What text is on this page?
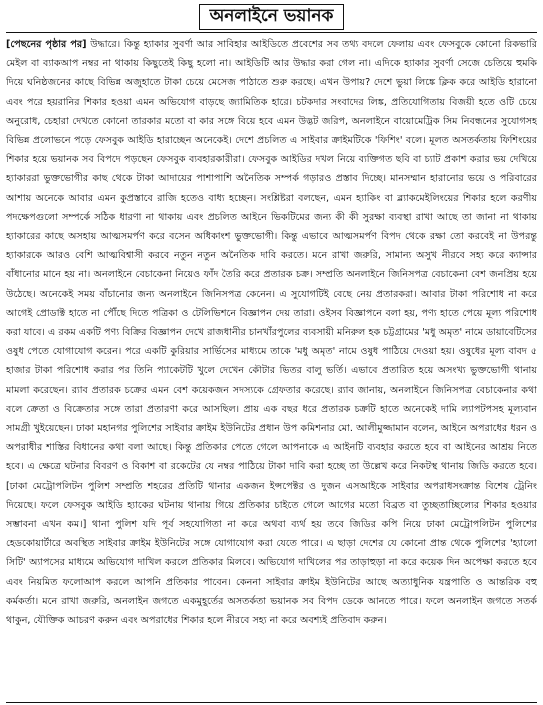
অনলাইনে ভয়ানক
[পেছনের পৃষ্ঠার পর] উদ্ধারে। কিন্তু হ্যাকার সুবর্ণা আর সাবিহার আইডিতে প্রবেশের সব তথ্য বদলে ফেলায় এবং ফেসবুকে কোনো রিকভারি মেইল বা ব্যাকআপ নম্বর না থাকায় কিছুতেই কিছু হলো না। আইডিটি আর উদ্ধার করা গেল না। এদিকে হ্যাকার সুবর্ণা সেজে চেতিয়ে হুমকি দিয়ে ঘনিষ্ঠজনের কাছে বিভিন্ন অজুহাতে টাকা চেয়ে মেসেজ পাঠাতে শুরু করছে। এখন উপায়? দেশে ভুয়া লিঙ্কে ক্লিক করে আইডি হারানো এবং পরে হয়রানির শিকার হওয়া এমন অভিযোগ বাড়ছে জ্যামিতিক হারে। চটকদার সংবাদের লিঙ্ক, প্রতিযোগিতায় বিজয়ী হতে ওটি চেয়ে অনুরোধ, চেহারা দেখতে কোনো তারকার মতো বা কার সঙ্গে বিয়ে হবে এমন উদ্ভট জরিপ, অনলাইনে বায়োমেট্রিক সিম নিবন্ধনের সুযোগসহ বিভিন্ন প্রলোভনে পড়ে ফেসবুক আইডি হারাচ্ছেন অনেকেই। দেশে প্রচলিত এ সাইবার ক্রাইমটিকে 'ফিশিং' বলে। মূলত অসতর্কতায় ফিশিংয়ের শিকার হয়ে ভয়ানক সব বিপদে পড়ছেন ফেসবুক ব্যবহারকারীরা। ফেসবুক আইডির দখল নিয়ে ব্যক্তিগত ছবি বা চ্যাট প্রকাশ করার ভয় দেখিয়ে হ্যাকাররা ভুক্তভোগীর কাছ থেকে টাকা আদায়ের পাশাপাশি অনৈতিক সম্পর্ক গড়ারও প্রস্তাব দিচ্ছে। মানসম্মান হারানোর ভয়ে ও পরিবারের আশায় অনেকে আবার এমন কুপ্রস্তাবে রাজি হতেও বাধ্য হচ্ছেন। সংশ্লিষ্টরা বলছেন, এমন হ্যাকিং বা ব্ল্যাকমেইলিংয়ের শিকার হলে করণীয় পদক্ষেপগুলো সম্পর্কে সঠিক ধারণা না থাকায় এবং প্রচলিত আইনে ভিকটিমের জন্য কী কী সুরক্ষা ব্যবস্থা রাখা আছে তা জানা না থাকায় হ্যাকারের কাছে অসহায় আত্মসমর্পণ করে বসেন অধিকাংশ ভুক্তভোগী। কিন্তু এভাবে আত্মসমর্পণ বিপদ থেকে রক্ষা তো করবেই না উপরন্তু হ্যাকারকে আরও বেশি আত্মবিশ্বাসী করবে নতুন নতুন অনৈতিক দাবি করতে। মনে রাখা জরুরি, সামান্য অসুখ নীরবে সহ্য করে ক্যান্সার বাঁধানোর মানে হয় না। অনলাইনে বেচাকেনা নিয়েও ফাঁদ তৈরি করে প্রতারক চক্র। সম্প্রতি অনলাইনে জিনিসপত্র বেচাকেনা বেশ জনপ্রিয় হয়ে উঠেছে। অনেকেই সময় বাঁচানোর জন্য অনলাইনে জিনিসপত্র কেনেন। এ সুযোগটিই বেছে নেয় প্রতারকরা। আবার টাকা পরিশোধ না করে আগেই প্রোডাক্ট হাতে না পৌঁছে দিতে পত্রিকা ও টেলিভিশনে বিজ্ঞাপন দেয় তারা। ওইসব বিজ্ঞাপনে বলা হয়, পণ্য হাতে পেয়ে মূল্য পরিশোধ করা যাবে। এ রকম একটি পণ্য বিক্রির বিজ্ঞাপন দেখে রাজধানীর চানখাঁরপুলের ব্যবসায়ী মনিরুল হক চট্টগ্রামের 'মধু অমৃত' নামে ডায়াবেটিসের ওষুধ পেতে যোগাযোগ করেন। পরে একটি কুরিয়ার সার্ভিসের মাধ্যমে তাকে 'মধু অমৃত' নামে ওষুধ পাঠিয়ে দেওয়া হয়। ওষুধের মূল্য বাবদ ৫ হাজার টাকা পরিশোধ করার পর তিনি প্যাকেটটি খুলে দেখেন কৌটার ভিতর বালু ভর্তি। এভাবে প্রতারিত হয়ে অসংখ্য ভুক্তভোগী থানায় মামলা করেছেন। র‌্যাব প্রতারক চক্রের এমন বেশ কয়েকজন সদস্যকে গ্রেফতার করেছে। র‌্যাব জানায়, অনলাইনে জিনিসপত্র বেচাকেনার কথা বলে ক্রেতা ও বিক্রেতার সঙ্গে তারা প্রতারণা করে আসছিল। প্রায় এক বছর ধরে প্রতারক চক্রটি হাতে অনেকেই দামি ল্যাপটপসহ মূল্যবান সামগ্রী খুইয়েছেন। ঢাকা মহানগর পুলিশের সাইবার ক্রাইম ইউনিটের প্রধান উপ কমিশনার মো. আলীমুজ্জামান বলেন, আইনে অপরাধের ধরন ও অপরাধীর শাস্তির বিধানের কথা বলা আছে। কিন্তু প্রতিকার পেতে গেলে আপনাকে এ আইনটি ব্যবহার করতে হবে বা আইনের আশ্রয় নিতে হবে। এ ক্ষেত্রে ঘটনার বিবরণ ও বিকাশ বা রকেটের যে নম্বর পাঠিয়ে টাকা দাবি করা হচ্ছে তা উল্লেখ করে নিকটস্থ থানায় জিডি করতে হবে। [ঢাকা মেট্রোপলিটন পুলিশ সম্প্রতি শহরের প্রতিটি থানার একজন ইন্সপেক্টর ও দুজন এসআইকে সাইবার অপরাধসংক্রান্ত বিশেষ ট্রেনিং দিয়েছে। ফলে ফেসবুক আইডি হ্যাকের ঘটনায় থানায় গিয়ে প্রতিকার চাইতে গেলে আগের মতো বিব্রত বা তুচ্ছতাচ্ছিল্যের শিকার হওয়ার সম্ভাবনা এখন কম।] থানা পুলিশ যদি পূর্ব সহযোগিতা না করে অথবা ব্যর্থ হয় তবে জিডির কপি নিয়ে ঢাকা মেট্রোপলিটন পুলিশের হেডকোয়ার্টারে অবস্থিত সাইবার ক্রাইম ইউনিটের সঙ্গে যোগাযোগ করা যেতে পারে। এ ছাড়া দেশের যে কোনো প্রান্ত থেকে পুলিশের 'হ্যালো সিটি' অ্যাপসের মাধ্যমে অভিযোগ দাখিল করলে প্রতিকার মিলবে। অভিযোগ দাখিলের পর তাড়াহুড়া না করে কয়েক দিন অপেক্ষা করতে হবে এবং নিয়মিত ফলোআপ করলে আপনি প্রতিকার পাবেন। কেননা সাইবার ক্রাইম ইউনিটের আছে অত্যাধুনিক যন্ত্রপাতি ও আন্তরিক বহু কর্মকর্তা। মনে রাখা জরুরি, অনলাইন জগতে একমুহূর্তের অসতর্কতা ভয়ানক সব বিপদ ডেকে আনতে পারে। ফলে অনলাইন জগতে সতর্ক থাকুন, যৌক্তিক আচরণ করুন এবং অপরাধের শিকার হলে নীরবে সহ্য না করে অবশ্যই প্রতিবাদ করুন।
